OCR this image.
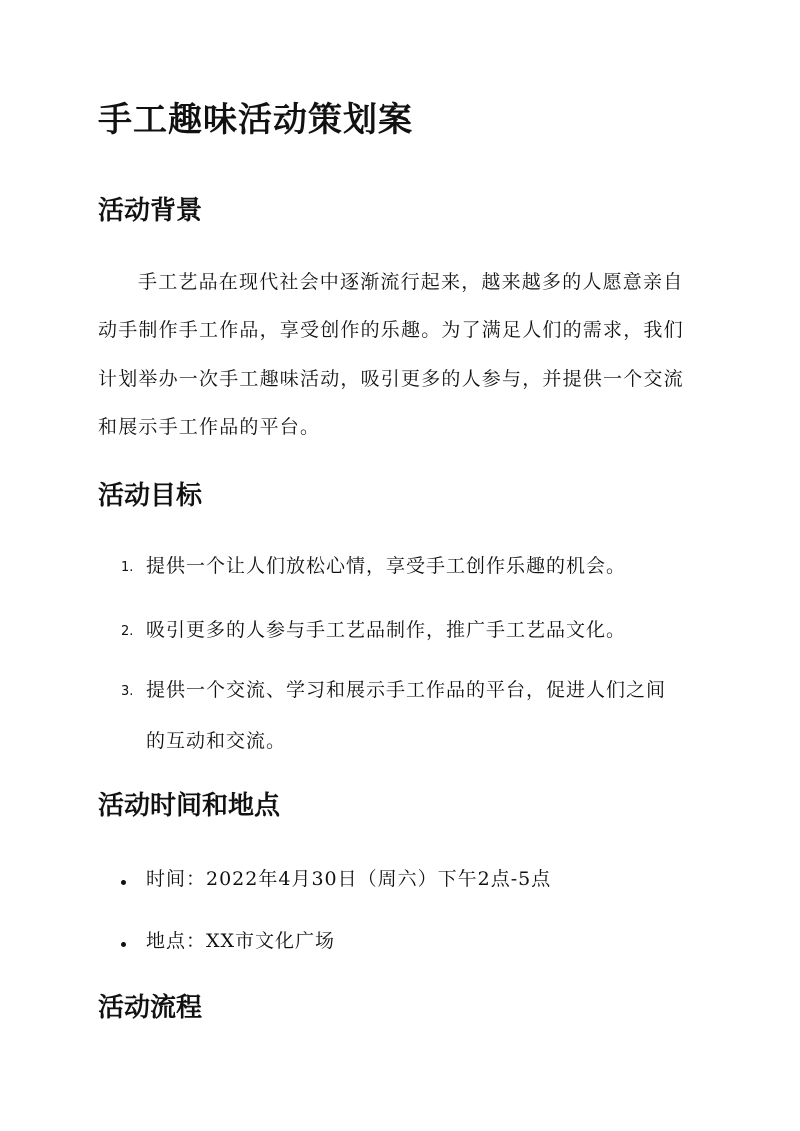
手工趣味活动策划案
活动背景
手工艺品在现代社会中逐渐流行起来，越来越多的人愿意亲自
动手制作手工作品，享受创作的乐趣。为了满足人们的需求，我们
计划举办一次手工趣味活动，吸引更多的人参与，并提供一个交流
和展示手工作品的平台。
活动目标
1. 提供一个让人们放松心情，享受手工创作乐趣的机会。
2. 吸引更多的人参与手工艺品制作，推广手工艺品文化。
3. 提供一个交流、学习和展示手工作品的平台，促进人们之间
的互动和交流。
活动时间和地点
时间：2022年4月30日（周六）下午2点-5点
地点：XX市文化广场
活动流程
